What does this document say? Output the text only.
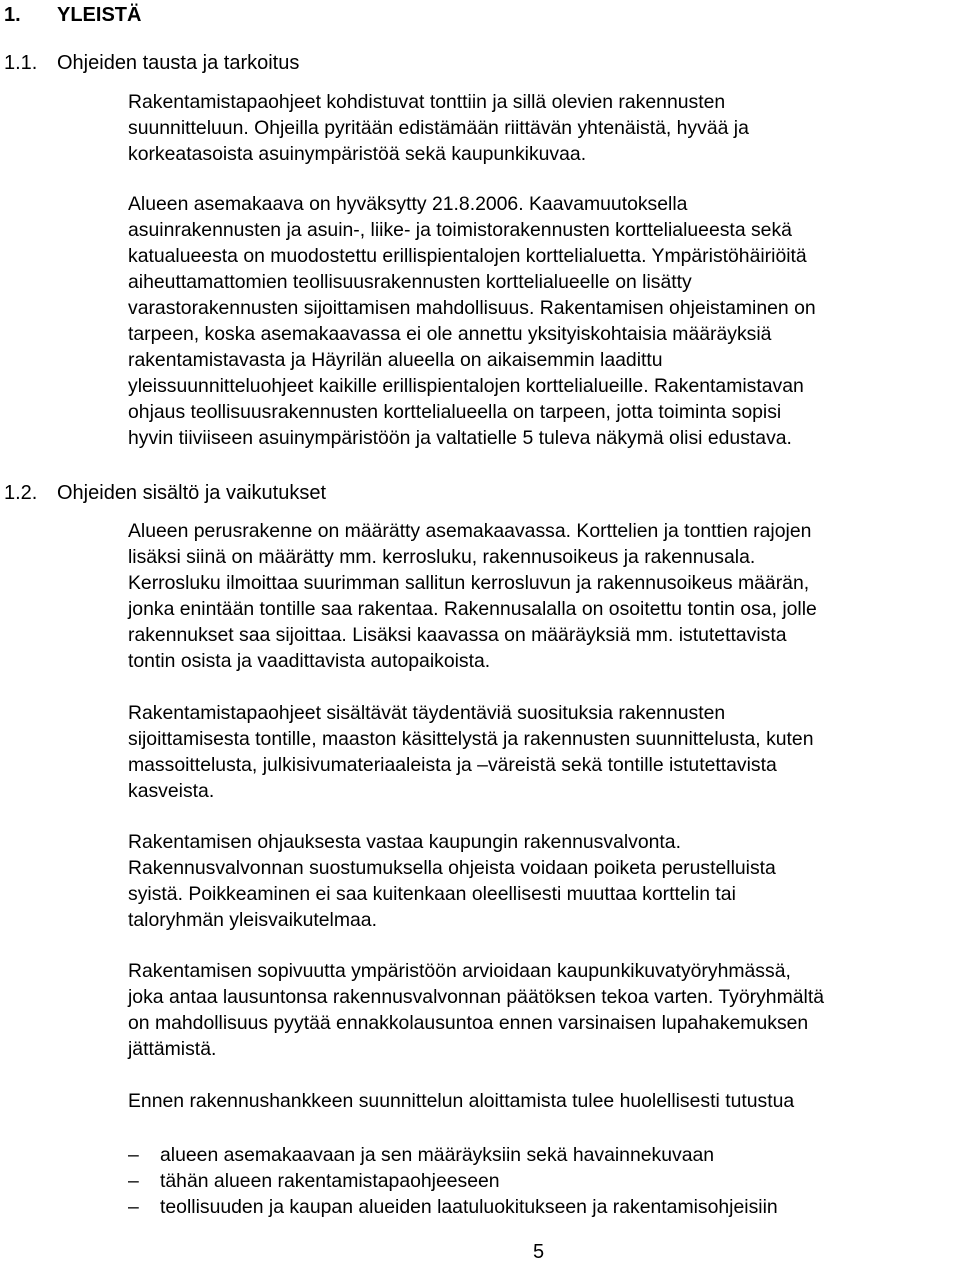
1. YLEISTÄ
1.1. Ohjeiden tausta ja tarkoitus
Rakentamistapaohjeet kohdistuvat tonttiin ja sillä olevien rakennusten
suunnitteluun. Ohjeilla pyritään edistämään riittävän yhtenäistä, hyvää ja
korkeatasoista asuinympäristöä sekä kaupunkikuvaa.
Alueen asemakaava on hyväksytty 21.8.2006. Kaavamuutoksella
asuinrakennusten ja asuin-, liike- ja toimistorakennusten korttelialueesta sekä
katualueesta on muodostettu erillispientalojen korttelialuetta. Ympäristöhäiriöitä
aiheuttamattomien teollisuusrakennusten korttelialueelle on lisätty
varastorakennusten sijoittamisen mahdollisuus. Rakentamisen ohjeistaminen on
tarpeen, koska asemakaavassa ei ole annettu yksityiskohtaisia määräyksiä
rakentamistavasta ja Häyrilän alueella on aikaisemmin laadittu
yleissuunnitteluohjeet kaikille erillispientalojen korttelialueille. Rakentamistavan
ohjaus teollisuusrakennusten korttelialueella on tarpeen, jotta toiminta sopisi
hyvin tiiviiseen asuinympäristöön ja valtatielle 5 tuleva näkymä olisi edustava.
1.2. Ohjeiden sisältö ja vaikutukset
Alueen perusrakenne on määrätty asemakaavassa. Korttelien ja tonttien rajojen
lisäksi siinä on määrätty mm. kerrosluku, rakennusoikeus ja rakennusala.
Kerrosluku ilmoittaa suurimman sallitun kerrosluvun ja rakennusoikeus määrän,
jonka enintään tontille saa rakentaa. Rakennusalalla on osoitettu tontin osa, jolle
rakennukset saa sijoittaa. Lisäksi kaavassa on määräyksiä mm. istutettavista
tontin osista ja vaadittavista autopaikoista.
Rakentamistapaohjeet sisältävät täydentäviä suosituksia rakennusten
sijoittamisesta tontille, maaston käsittelystä ja rakennusten suunnittelusta, kuten
massoittelusta, julkisivumateriaaleista ja –väreistä sekä tontille istutettavista
kasveista.
Rakentamisen ohjauksesta vastaa kaupungin rakennusvalvonta.
Rakennusvalvonnan suostumuksella ohjeista voidaan poiketa perustelluista
syistä. Poikkeaminen ei saa kuitenkaan oleellisesti muuttaa korttelin tai
taloryhmän yleisvaikutelmaa.
Rakentamisen sopivuutta ympäristöön arvioidaan kaupunkikuvatyöryhmässä,
joka antaa lausuntonsa rakennusvalvonnan päätöksen tekoa varten. Työryhmältä
on mahdollisuus pyytää ennakkolausuntoa ennen varsinaisen lupahakemuksen
jättämistä.
Ennen rakennushankkeen suunnittelun aloittamista tulee huolellisesti tutustua
– alueen asemakaavaan ja sen määräyksiin sekä havainnekuvaan
– tähän alueen rakentamistapaohjeeseen
– teollisuuden ja kaupan alueiden laatuluokitukseen ja rakentamisohjeisiin
5
